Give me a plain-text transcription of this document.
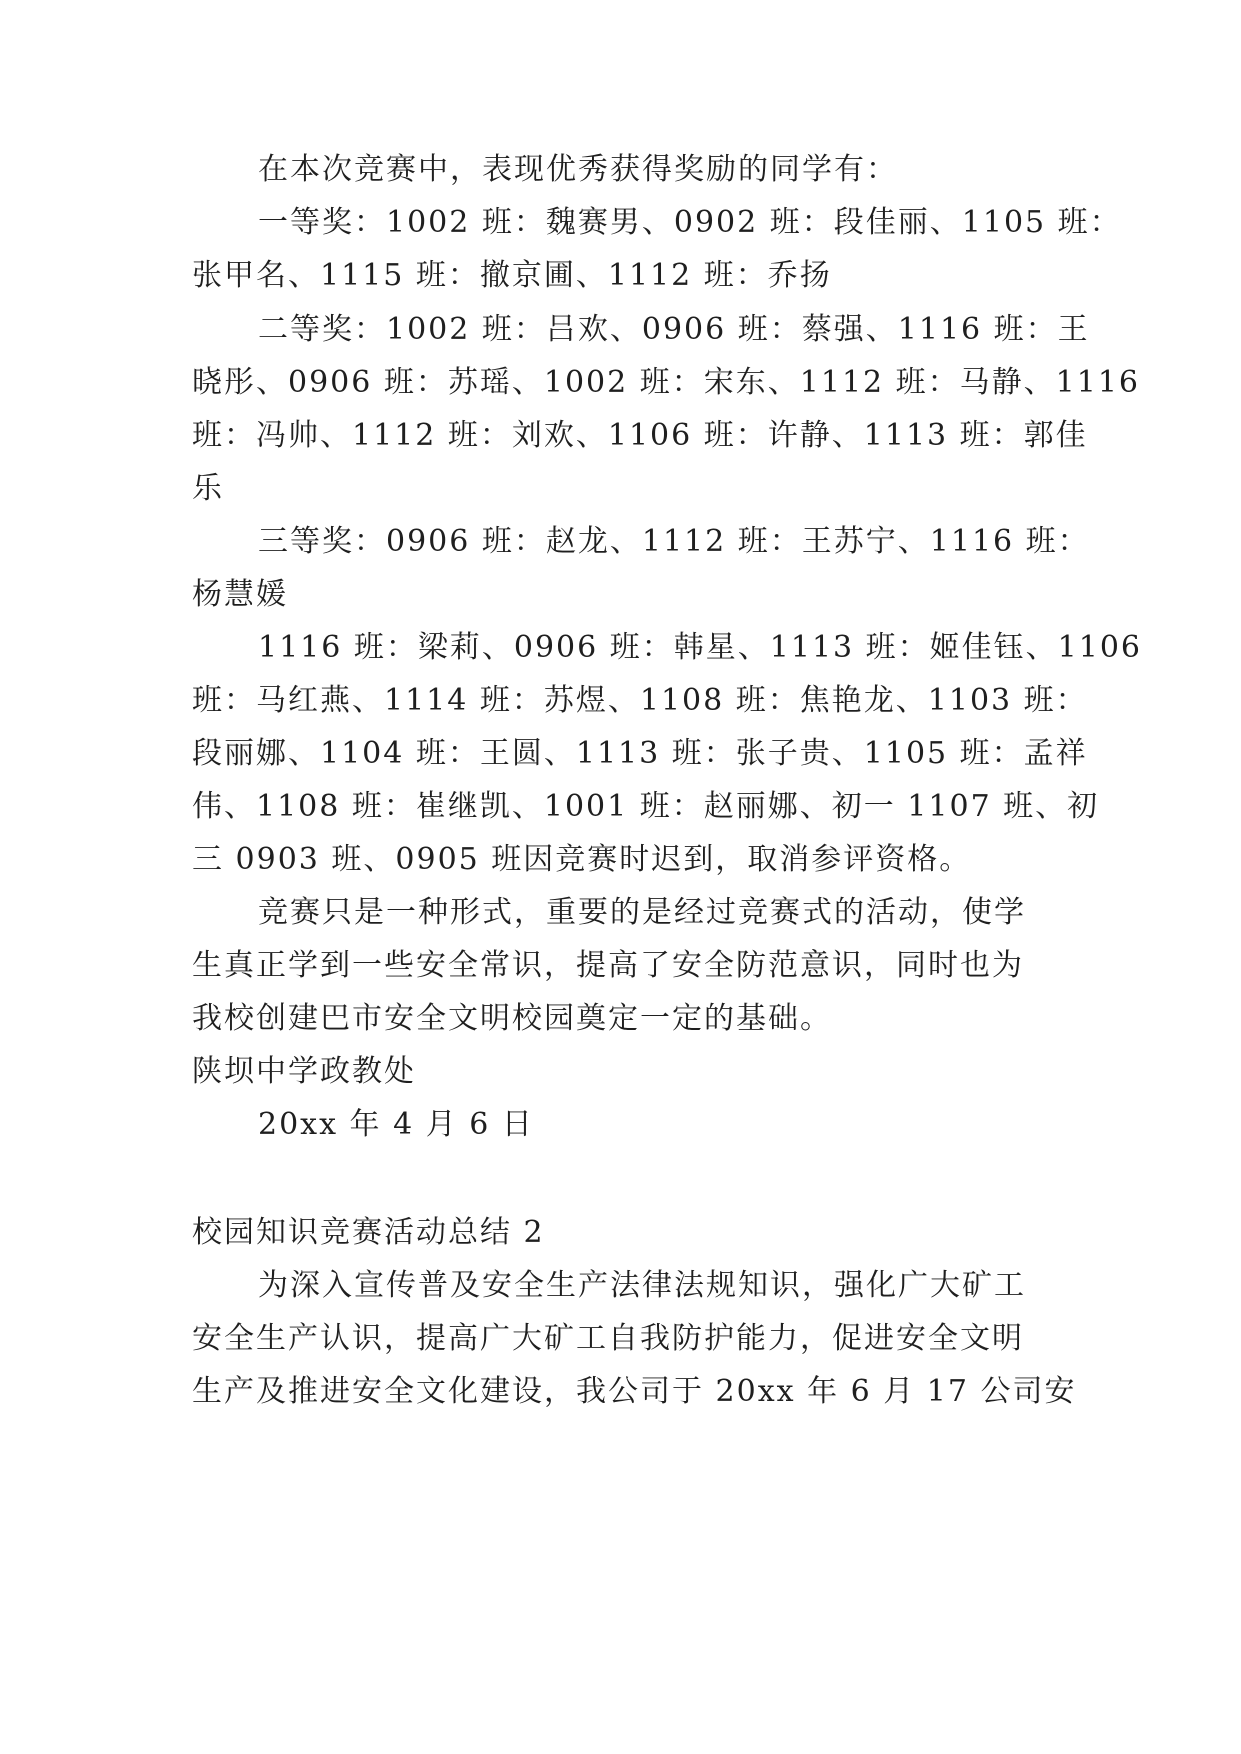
在本次竞赛中，表现优秀获得奖励的同学有：
一等奖：1002 班：魏赛男、0902 班：段佳丽、1105 班：
张甲名、1115 班：撤京圃、1112 班：乔扬
二等奖：1002 班：吕欢、0906 班：蔡强、1116 班：王
晓彤、0906 班：苏瑶、1002 班：宋东、1112 班：马静、1116
班：冯帅、1112 班：刘欢、1106 班：许静、1113 班：郭佳
乐
三等奖：0906 班：赵龙、1112 班：王苏宁、1116 班：
杨慧媛
1116 班：梁莉、0906 班：韩星、1113 班：姬佳钰、1106
班：马红燕、1114 班：苏煜、1108 班：焦艳龙、1103 班：
段丽娜、1104 班：王圆、1113 班：张子贵、1105 班：孟祥
伟、1108 班：崔继凯、1001 班：赵丽娜、初一 1107 班、初
三 0903 班、0905 班因竞赛时迟到，取消参评资格。
竞赛只是一种形式，重要的是经过竞赛式的活动，使学
生真正学到一些安全常识，提高了安全防范意识，同时也为
我校创建巴市安全文明校园奠定一定的基础。
陕坝中学政教处
20xx 年 4 月 6 日
校园知识竞赛活动总结 2
为深入宣传普及安全生产法律法规知识，强化广大矿工
安全生产认识，提高广大矿工自我防护能力，促进安全文明
生产及推进安全文化建设，我公司于 20xx 年 6 月 17 公司安
